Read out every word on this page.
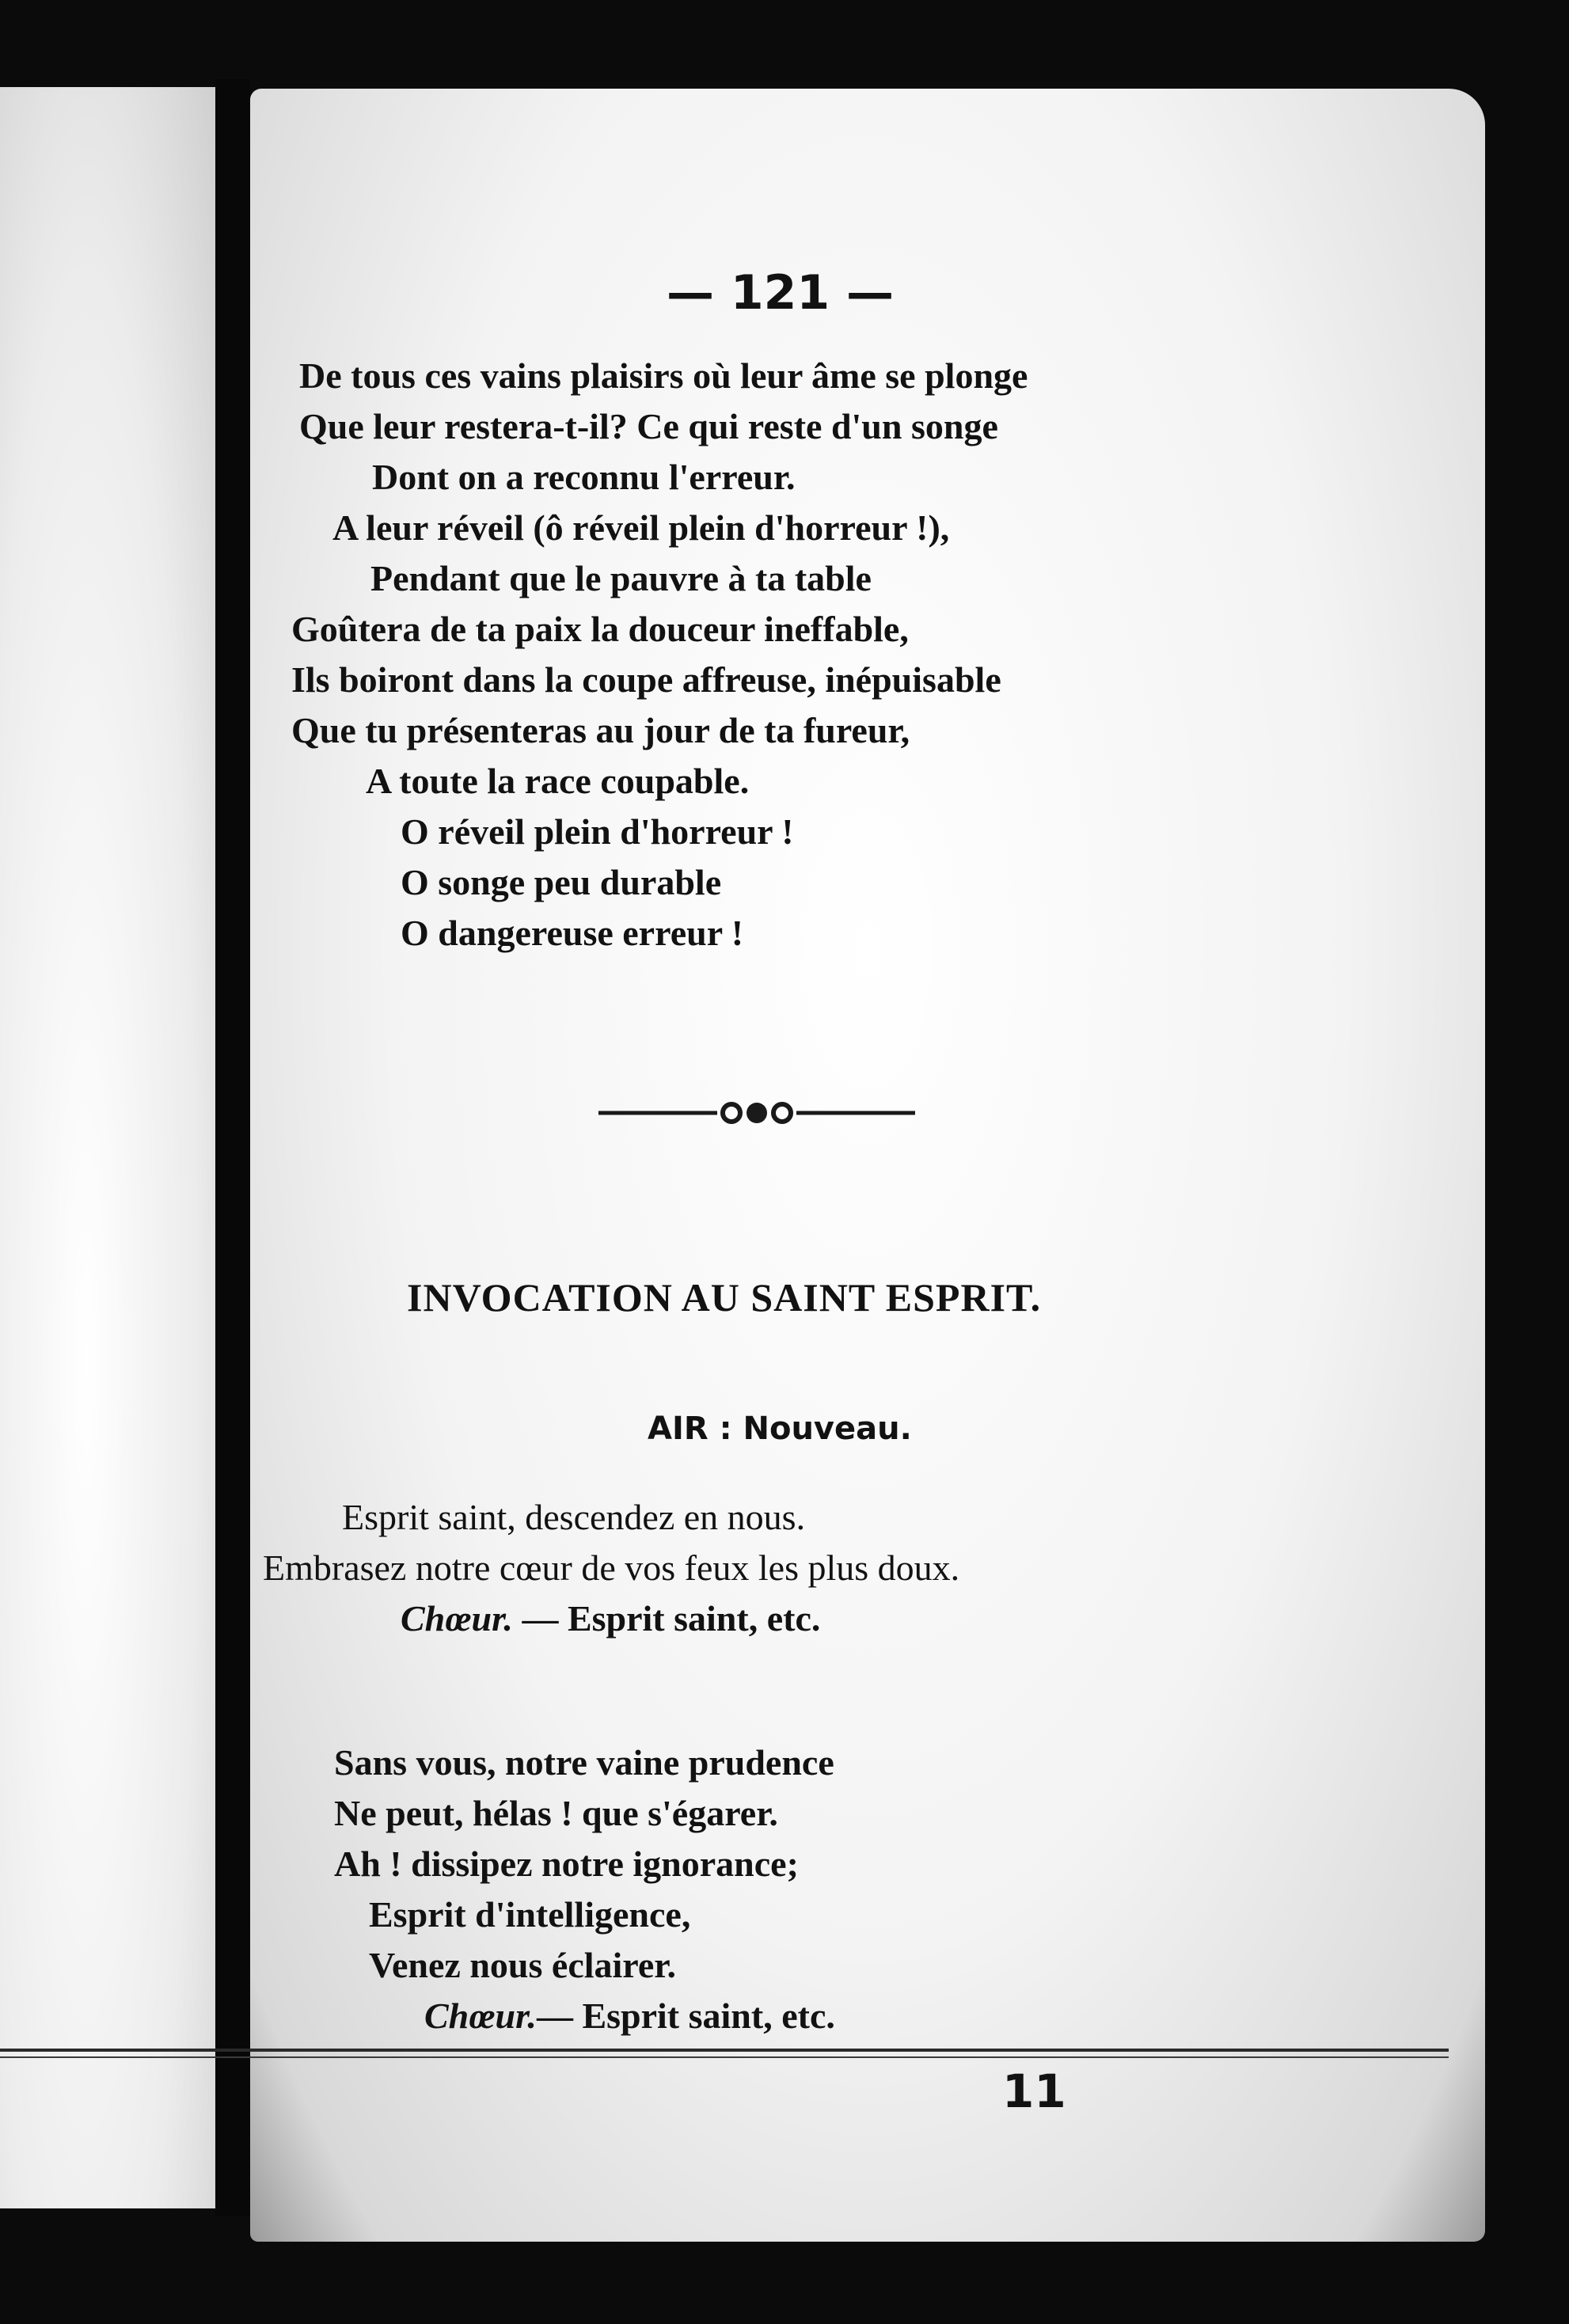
— 121 —

De tous ces vains plaisirs où leur âme se plonge

Que leur restera-t-il? Ce qui reste d'un songe

Dont on a reconnu l'erreur.

A leur réveil (ô réveil plein d'horreur !),

Pendant que le pauvre à ta table

Goûtera de ta paix la douceur ineffable,

Ils boiront dans la coupe affreuse, inépuisable

Que tu présenteras au jour de ta fureur,

A toute la race coupable.

O réveil plein d'horreur !

O songe peu durable

O dangereuse erreur !

INVOCATION AU SAINT ESPRIT.

AIR : Nouveau.

Esprit saint, descendez en nous.

Embrasez notre cœur de vos feux les plus doux.

Chœur. — Esprit saint, etc.

Sans vous, notre vaine prudence

Ne peut, hélas ! que s'égarer.

Ah ! dissipez notre ignorance;

Esprit d'intelligence,

Venez nous éclairer.

Chœur.— Esprit saint, etc.

11
